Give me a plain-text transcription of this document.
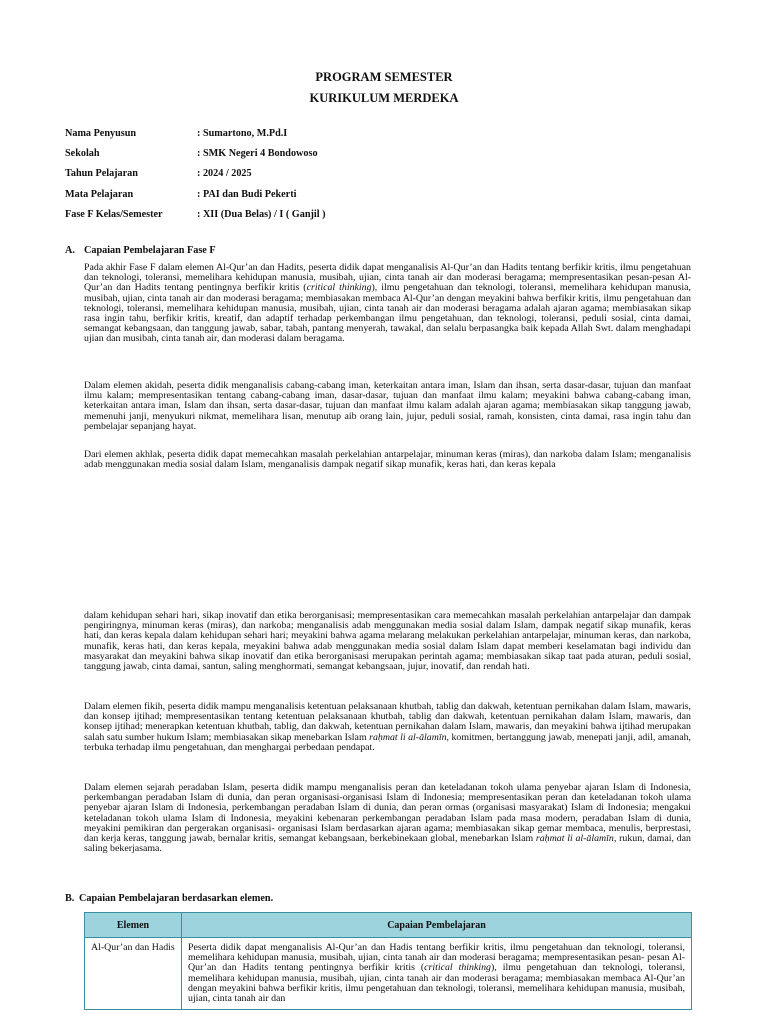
PROGRAM SEMESTER
KURIKULUM MERDEKA
Nama Penyusun	: Sumartono, M.Pd.I
Sekolah	: SMK Negeri 4 Bondowoso
Tahun Pelajaran	: 2024 / 2025
Mata Pelajaran	: PAI dan Budi Pekerti
Fase F Kelas/Semester	: XII (Dua Belas) / I ( Ganjil )
A. Capaian Pembelajaran Fase F

Pada akhir Fase F dalam elemen Al-Qur’an dan Hadits, peserta didik dapat menganalisis Al-Qur’an dan Hadits tentang berfikir kritis, ilmu pengetahuan dan teknologi, toleransi, memelihara kehidupan manusia, musibah, ujian, cinta tanah air dan moderasi beragama; mempresentasikan pesan-pesan Al-Qur’an dan Hadits tentang pentingnya berfikir kritis (critical thinking), ilmu pengetahuan dan teknologi, toleransi, memelihara kehidupan manusia, musibah, ujian, cinta tanah air dan moderasi beragama; membiasakan membaca Al-Qur’an dengan meyakini bahwa berfikir kritis, ilmu pengetahuan dan teknologi, toleransi, memelihara kehidupan manusia, musibah, ujian, cinta tanah air dan moderasi beragama adalah ajaran agama; membiasakan sikap rasa ingin tahu, berfikir kritis, kreatif, dan adaptif terhadap perkembangan ilmu pengetahuan, dan teknologi, toleransi, peduli sosial, cinta damai, semangat kebangsaan, dan tanggung jawab, sabar, tabah, pantang menyerah, tawakal, dan selalu berpasangka baik kepada Allah Swt. dalam menghadapi ujian dan musibah, cinta tanah air, dan moderasi dalam beragama.

Dalam elemen akidah, peserta didik menganalisis cabang-cabang iman, keterkaitan antara iman, Islam dan ihsan, serta dasar-dasar, tujuan dan manfaat ilmu kalam; mempresentasikan tentang cabang-cabang iman, dasar-dasar, tujuan dan manfaat ilmu kalam; meyakini bahwa cabang-cabang iman, keterkaitan antara iman, Islam dan ihsan, serta dasar-dasar, tujuan dan manfaat ilmu kalam adalah ajaran agama; membiasakan sikap tanggung jawab, memenuhi janji, menyukuri nikmat, memelihara lisan, menutup aib orang lain, jujur, peduli sosial, ramah, konsisten, cinta damai, rasa ingin tahu dan pembelajar sepanjang hayat.

Dari elemen akhlak, peserta didik dapat memecahkan masalah perkelahian antarpelajar, minuman keras (miras), dan narkoba dalam Islam; menganalisis adab menggunakan media sosial dalam Islam, menganalisis dampak negatif sikap munafik, keras hati, dan keras kepala

dalam kehidupan sehari hari, sikap inovatif dan etika berorganisasi; mempresentasikan cara memecahkan masalah perkelahian antarpelajar dan dampak pengiringnya, minuman keras (miras), dan narkoba; menganalisis adab menggunakan media sosial dalam Islam, dampak negatif sikap munafik, keras hati, dan keras kepala dalam kehidupan sehari hari; meyakini bahwa agama melarang melakukan perkelahian antarpelajar, minuman keras, dan narkoba, munafik, keras hati, dan keras kepala, meyakini bahwa adab menggunakan media sosial dalam Islam dapat memberi keselamatan bagi individu dan masyarakat dan meyakini bahwa sikap inovatif dan etika berorganisasi merupakan perintah agama; membiasakan sikap taat pada aturan, peduli sosial, tanggung jawab, cinta damai, santun, saling menghormati, semangat kebangsaan, jujur, inovatif, dan rendah hati.

Dalam elemen fikih, peserta didik mampu menganalisis ketentuan pelaksanaan khutbah, tablig dan dakwah, ketentuan pernikahan dalam Islam, mawaris, dan konsep ijtihad; mempresentasikan tentang ketentuan pelaksanaan khutbah, tablig dan dakwah, ketentuan pernikahan dalam Islam, mawaris, dan konsep ijtihad; menerapkan ketentuan khutbah, tablig, dan dakwah, ketentuan pernikahan dalam Islam, mawaris, dan meyakini bahwa ijtihad merupakan salah satu sumber hukum Islam; membiasakan sikap menebarkan Islam raḥmat li al-ālamīn, komitmen, bertanggung jawab, menepati janji, adil, amanah, terbuka terhadap ilmu pengetahuan, dan menghargai perbedaan pendapat.

Dalam elemen sejarah peradaban Islam, peserta didik mampu menganalisis peran dan keteladanan tokoh ulama penyebar ajaran Islam di Indonesia, perkembangan peradaban Islam di dunia, dan peran organisasi-organisasi Islam di Indonesia; mempresentasikan peran dan keteladanan tokoh ulama penyebar ajaran Islam di Indonesia, perkembangan peradaban Islam di dunia, dan peran ormas (organisasi masyarakat) Islam di Indonesia; mengakui keteladanan tokoh ulama Islam di Indonesia, meyakini kebenaran perkembangan peradaban Islam pada masa modern, peradaban Islam di dunia, meyakini pemikiran dan pergerakan organisasi- organisasi Islam berdasarkan ajaran agama; membiasakan sikap gemar membaca, menulis, berprestasi, dan kerja keras, tanggung jawab, bernalar kritis, semangat kebangsaan, berkebinekaan global, menebarkan Islam raḥmat li al-ālamīn, rukun, damai, dan saling bekerjasama.

B. Capaian Pembelajaran berdasarkan elemen.
Elemen	Capaian Pembelajaran
Al-Qur’an dan Hadis	Peserta didik dapat menganalisis Al-Qur’an dan Hadis tentang berfikir kritis, ilmu pengetahuan dan teknologi, toleransi, memelihara kehidupan manusia, musibah, ujian, cinta tanah air dan moderasi beragama; mempresentasikan pesan- pesan Al-Qur’an dan Hadits tentang pentingnya berfikir kritis (critical thinking), ilmu pengetahuan dan teknologi, toleransi, memelihara kehidupan manusia, musibah, ujian, cinta tanah air dan moderasi beragama; membiasakan membaca Al-Qur’an dengan meyakini bahwa berfikir kritis, ilmu pengetahuan dan teknologi, toleransi, memelihara kehidupan manusia, musibah, ujian, cinta tanah air dan
